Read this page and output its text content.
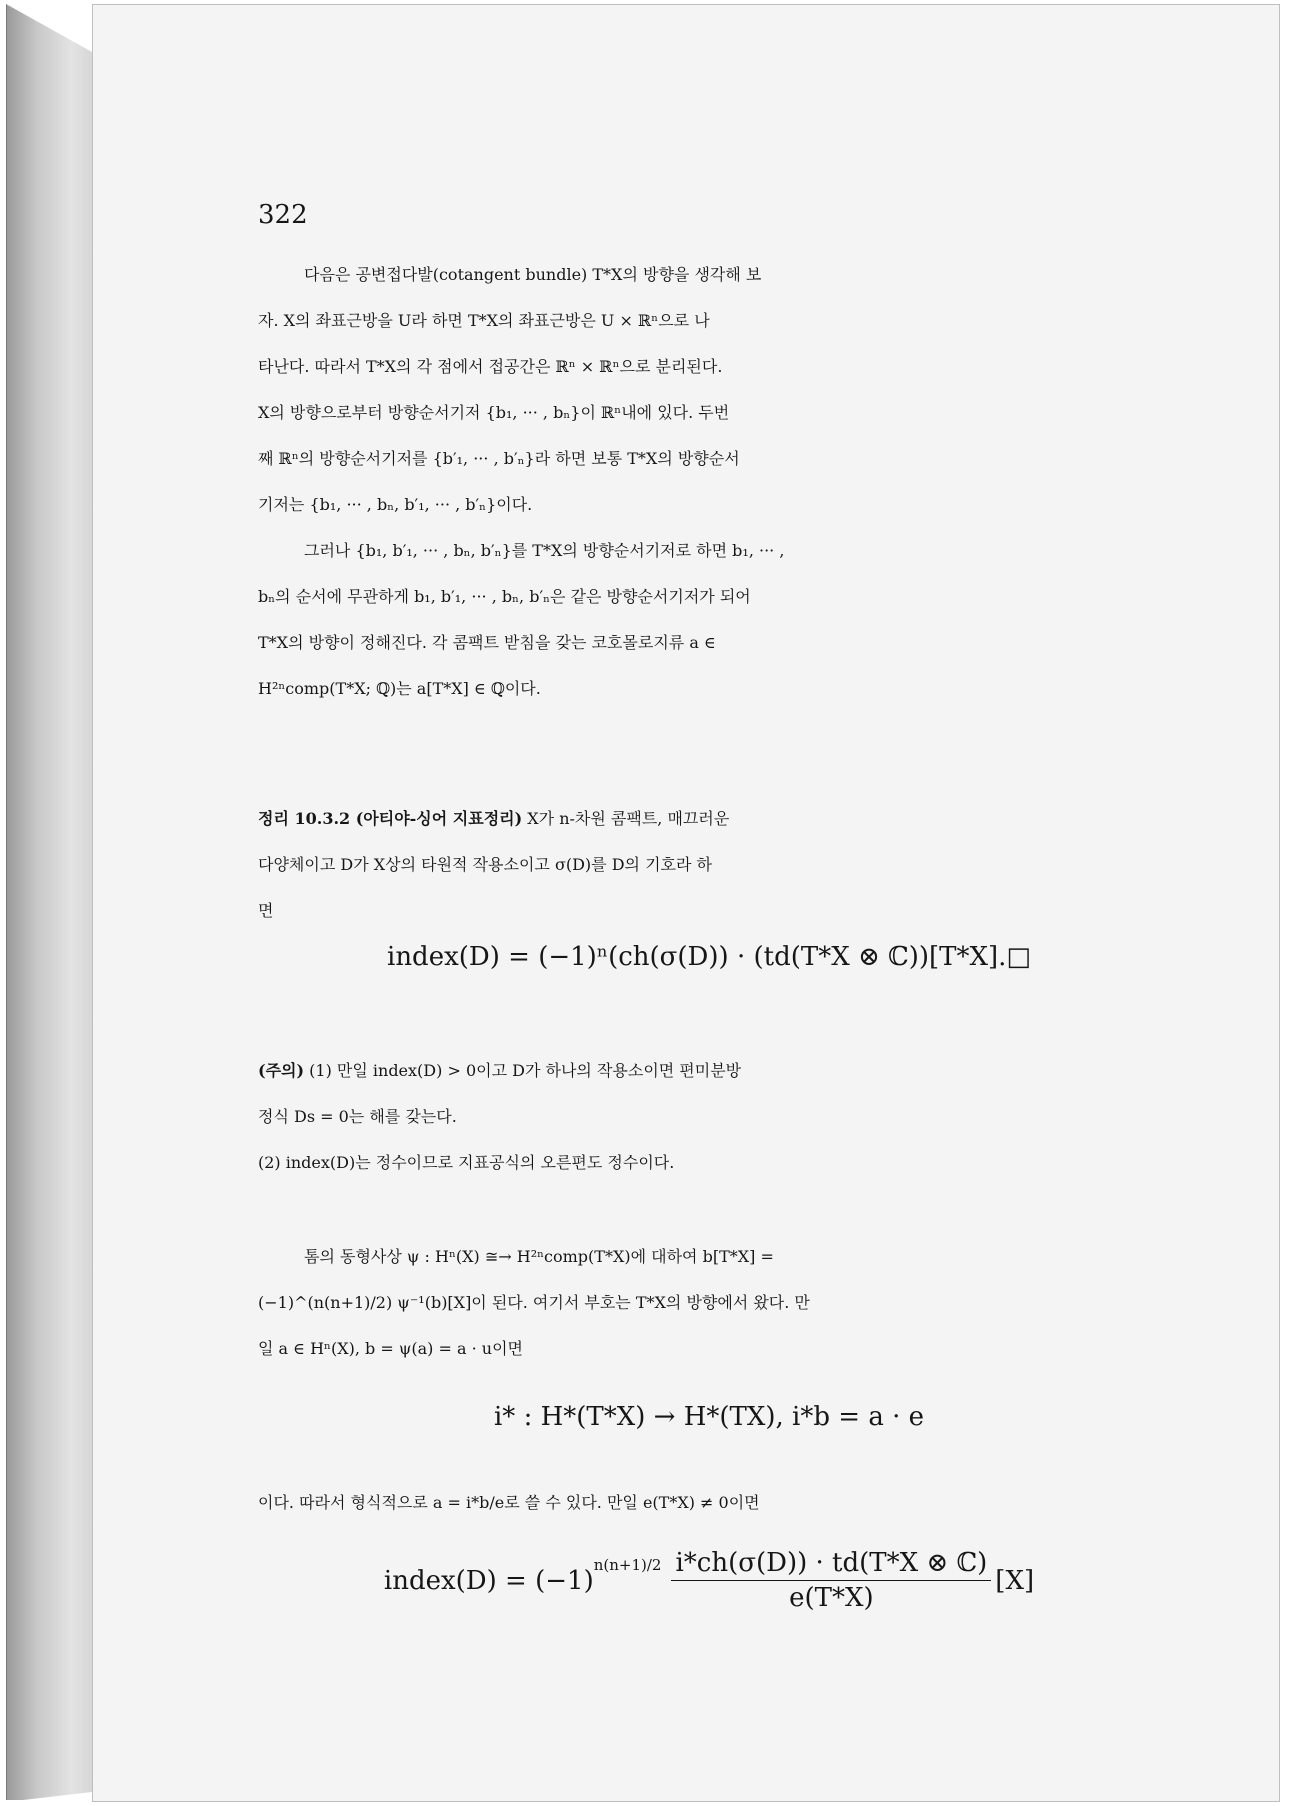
322

다음은 공변접다발(cotangent bundle) T*X의 방향을 생각해 보

자. X의 좌표근방을 U라 하면 T*X의 좌표근방은 U × ℝⁿ으로 나

타난다. 따라서 T*X의 각 점에서 접공간은 ℝⁿ × ℝⁿ으로 분리된다.

X의 방향으로부터 방향순서기저 {b₁, ··· , bₙ}이 ℝⁿ내에 있다. 두번

째 ℝⁿ의 방향순서기저를 {b′₁, ··· , b′ₙ}라 하면 보통 T*X의 방향순서

기저는 {b₁, ··· , bₙ, b′₁, ··· , b′ₙ}이다.

그러나 {b₁, b′₁, ··· , bₙ, b′ₙ}를 T*X의 방향순서기저로 하면 b₁, ··· ,

bₙ의 순서에 무관하게 b₁, b′₁, ··· , bₙ, b′ₙ은 같은 방향순서기저가 되어

T*X의 방향이 정해진다. 각 콤팩트 받침을 갖는 코호몰로지류 a ∈

H²ⁿcomp(T*X; ℚ)는 a[T*X] ∈ ℚ이다.

정리 10.3.2 (아티야-싱어 지표정리) X가 n-차원 콤팩트, 매끄러운

다양체이고 D가 X상의 타원적 작용소이고 σ(D)를 D의 기호라 하

면

index(D) = (−1)ⁿ(ch(σ(D)) · (td(T*X ⊗ ℂ))[T*X].□

(주의) (1) 만일 index(D) > 0이고 D가 하나의 작용소이면 편미분방

정식 Ds = 0는 해를 갖는다.

(2) index(D)는 정수이므로 지표공식의 오른편도 정수이다.

톰의 동형사상 ψ : Hⁿ(X) ≅→ H²ⁿcomp(T*X)에 대하여 b[T*X] =

(−1)^(n(n+1)/2) ψ⁻¹(b)[X]이 된다. 여기서 부호는 T*X의 방향에서 왔다. 만

일 a ∈ Hⁿ(X), b = ψ(a) = a · u이면

i* : H*(T*X) → H*(TX), i*b = a · e

이다. 따라서 형식적으로 a = i*b/e로 쓸 수 있다. 만일 e(T*X) ≠ 0이면

index(D) = (−1)
n(n+1)/2 i*ch(σ(D)) · td(T*X ⊗ ℂ)
e(T*X)
[X]
